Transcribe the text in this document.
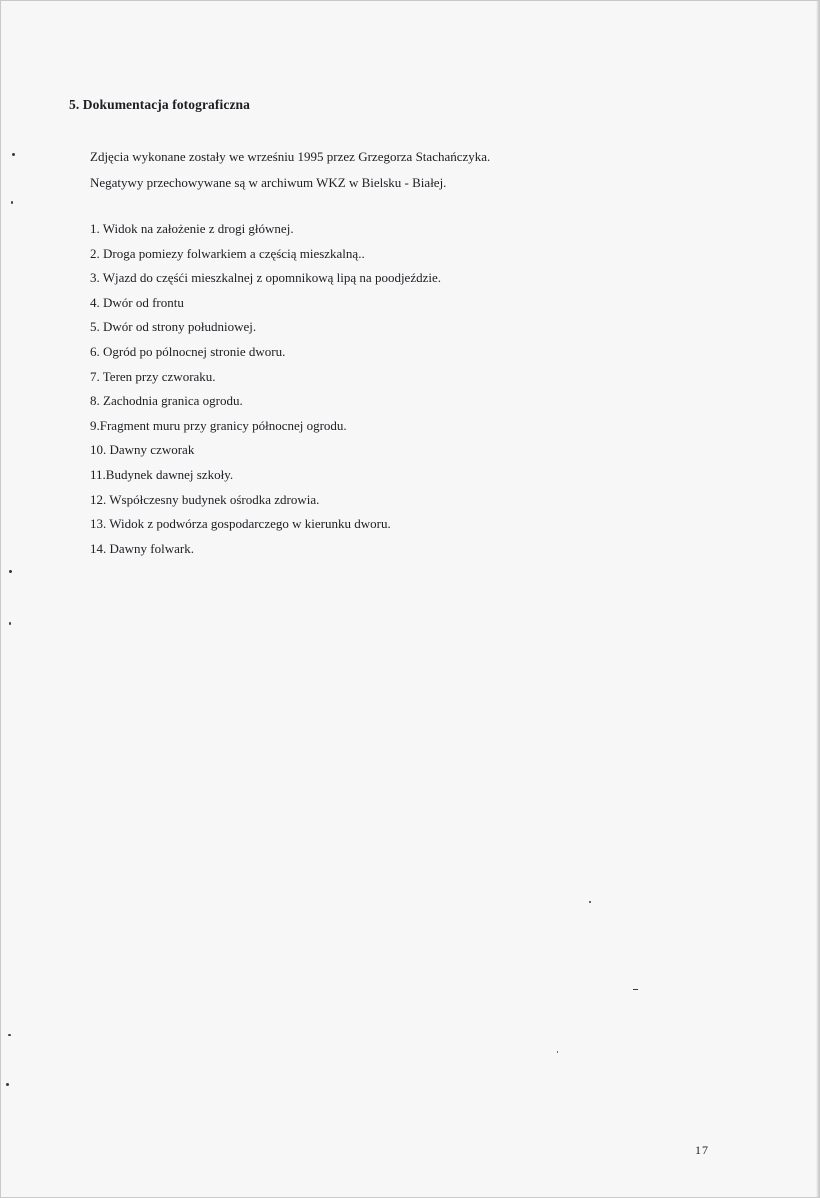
5. Dokumentacja fotograficzna

Zdjęcia wykonane zostały we wrześniu 1995 przez Grzegorza Stachańczyka.

Negatywy przechowywane są w archiwum WKZ w Bielsku - Białej.

1. Widok na założenie z drogi głównej.
2. Droga pomiezy folwarkiem a częścią mieszkalną..
3. Wjazd do częśći mieszkalnej z opomnikową lipą na poodjeździe.
4. Dwór od frontu
5. Dwór od strony południowej.
6. Ogród po pólnocnej stronie dworu.
7. Teren przy czworaku.
8. Zachodnia granica ogrodu.
9.Fragment muru przy granicy północnej ogrodu.
10. Dawny czworak
11.Budynek dawnej szkoły.
12. Współczesny budynek ośrodka zdrowia.
13. Widok z podwórza gospodarczego w kierunku dworu.
14. Dawny folwark.
17
